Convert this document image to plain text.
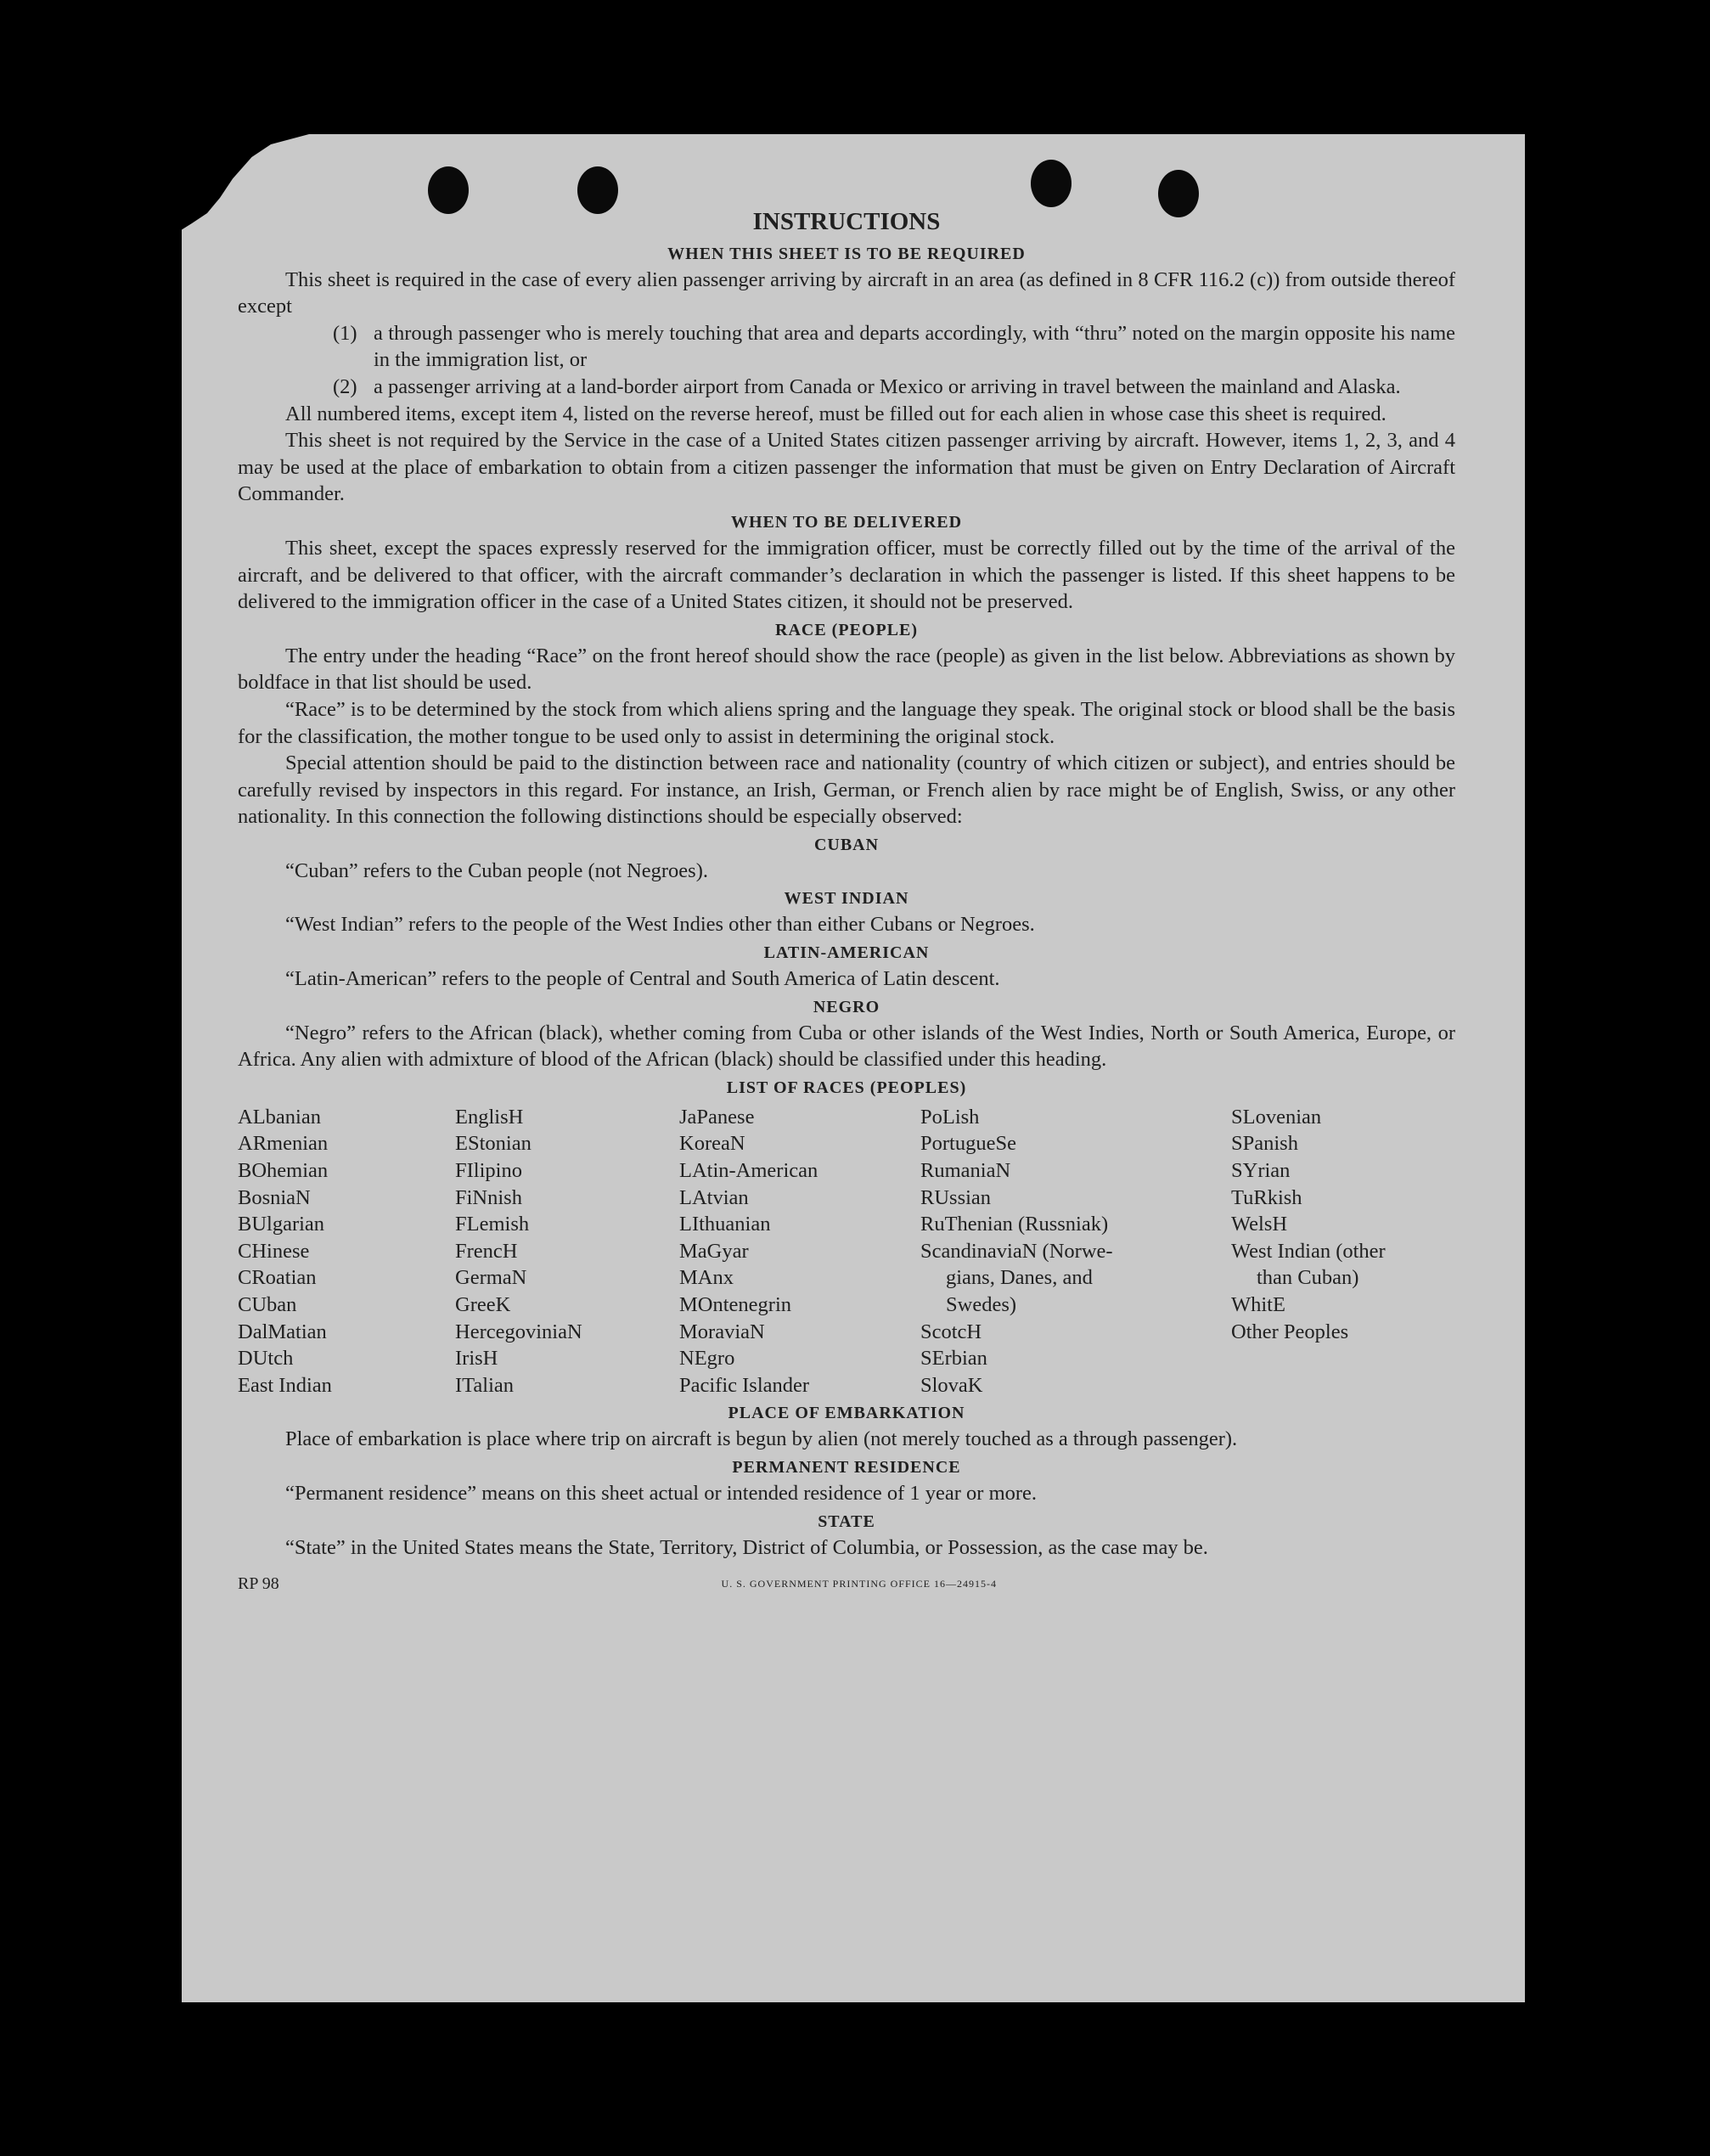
INSTRUCTIONS
WHEN THIS SHEET IS TO BE REQUIRED

This sheet is required in the case of every alien passenger arriving by aircraft in an area (as defined in 8 CFR 116.2 (c)) from outside thereof except

(1) a through passenger who is merely touching that area and departs accordingly, with “thru” noted on the margin opposite his name in the immigration list, or
(2) a passenger arriving at a land-border airport from Canada or Mexico or arriving in travel between the mainland and Alaska.

All numbered items, except item 4, listed on the reverse hereof, must be filled out for each alien in whose case this sheet is required.

This sheet is not required by the Service in the case of a United States citizen passenger arriving by aircraft. However, items 1, 2, 3, and 4 may be used at the place of embarkation to obtain from a citizen passenger the information that must be given on Entry Declaration of Aircraft Commander.

WHEN TO BE DELIVERED

This sheet, except the spaces expressly reserved for the immigration officer, must be correctly filled out by the time of the arrival of the aircraft, and be delivered to that officer, with the aircraft commander’s declaration in which the passenger is listed. If this sheet happens to be delivered to the immigration officer in the case of a United States citizen, it should not be preserved.

RACE (PEOPLE)

The entry under the heading “Race” on the front hereof should show the race (people) as given in the list below. Abbreviations as shown by boldface in that list should be used.

“Race” is to be determined by the stock from which aliens spring and the language they speak. The original stock or blood shall be the basis for the classification, the mother tongue to be used only to assist in determining the original stock.

Special attention should be paid to the distinction between race and nationality (country of which citizen or subject), and entries should be carefully revised by inspectors in this regard. For instance, an Irish, German, or French alien by race might be of English, Swiss, or any other nationality. In this connection the following distinctions should be especially observed:

CUBAN

“Cuban” refers to the Cuban people (not Negroes).

WEST INDIAN

“West Indian” refers to the people of the West Indies other than either Cubans or Negroes.

LATIN-AMERICAN

“Latin-American” refers to the people of Central and South America of Latin descent.

NEGRO

“Negro” refers to the African (black), whether coming from Cuba or other islands of the West Indies, North or South America, Europe, or Africa. Any alien with admixture of blood of the African (black) should be classified under this heading.

LIST OF RACES (PEOPLES)
ALbanian
ARmenian
BOhemian
BosniaN
BUlgarian
CHinese
CRoatian
CUban
DalMatian
DUtch
East Indian
EnglisH
EStonian
FIlipino
FiNnish
FLemish
FrencH
GermaN
GreeK
HercegoviniaN
IrisH
ITalian
JaPanese
KoreaN
LAtin-American
LAtvian
LIthuanian
MaGyar
MAnx
MOntenegrin
MoraviaN
NEgro
Pacific Islander
PoLish
PortugueSe
RumaniaN
RUssian
RuThenian (Russniak)
ScandinaviaN (Norwe-
gians, Danes, and
Swedes)
ScotcH
SErbian
SlovaK
SLovenian
SPanish
SYrian
TuRkish
WelsH
West Indian (other
than Cuban)
WhitE
Other Peoples
PLACE OF EMBARKATION

Place of embarkation is place where trip on aircraft is begun by alien (not merely touched as a through passenger).

PERMANENT RESIDENCE

“Permanent residence” means on this sheet actual or intended residence of 1 year or more.

STATE

“State” in the United States means the State, Territory, District of Columbia, or Possession, as the case may be.

RP 98	U. S. GOVERNMENT PRINTING OFFICE 16—24915-4
